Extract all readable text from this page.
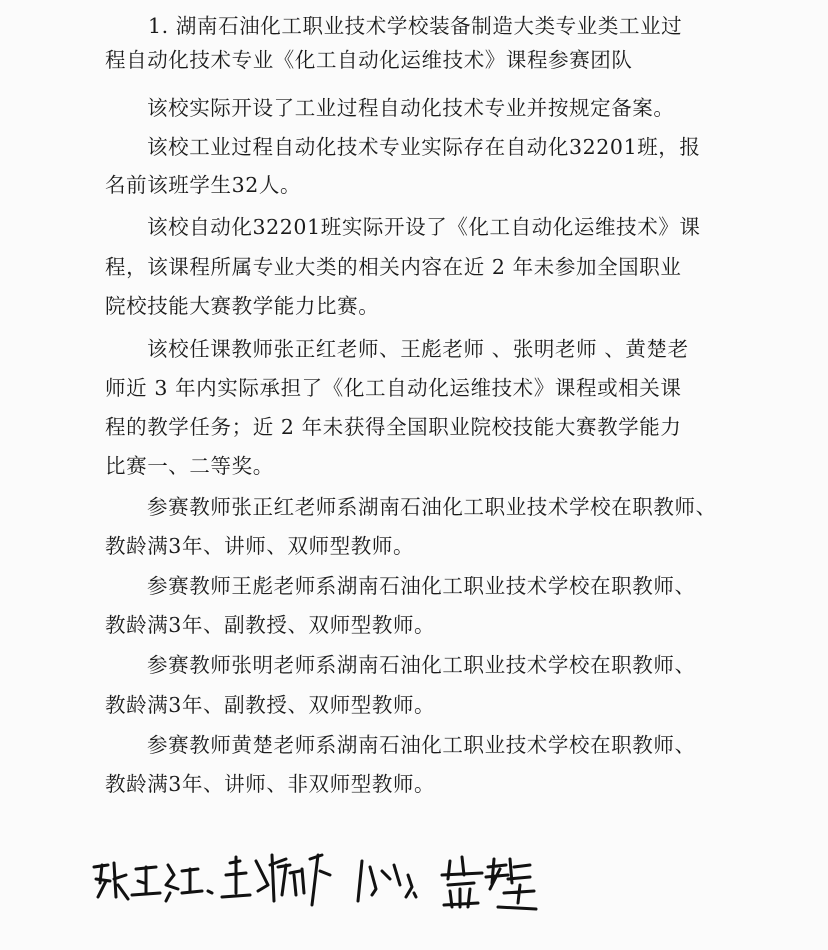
1. 湖南石油化工职业技术学校装备制造大类专业类工业过
程自动化技术专业《化工自动化运维技术》课程参赛团队
该校实际开设了工业过程自动化技术专业并按规定备案。
该校工业过程自动化技术专业实际存在自动化32201班，报
名前该班学生32人。
该校自动化32201班实际开设了《化工自动化运维技术》课
程，该课程所属专业大类的相关内容在近 2 年未参加全国职业
院校技能大赛教学能力比赛。
该校任课教师张正红老师、王彪老师 、张明老师 、黄楚老
师近 3 年内实际承担了《化工自动化运维技术》课程或相关课
程的教学任务；近 2 年未获得全国职业院校技能大赛教学能力
比赛一、二等奖。
参赛教师张正红老师系湖南石油化工职业技术学校在职教师、
教龄满3年、讲师、双师型教师。
参赛教师王彪老师系湖南石油化工职业技术学校在职教师、
教龄满3年、副教授、双师型教师。
参赛教师张明老师系湖南石油化工职业技术学校在职教师、
教龄满3年、副教授、双师型教师。
参赛教师黄楚老师系湖南石油化工职业技术学校在职教师、
教龄满3年、讲师、非双师型教师。
